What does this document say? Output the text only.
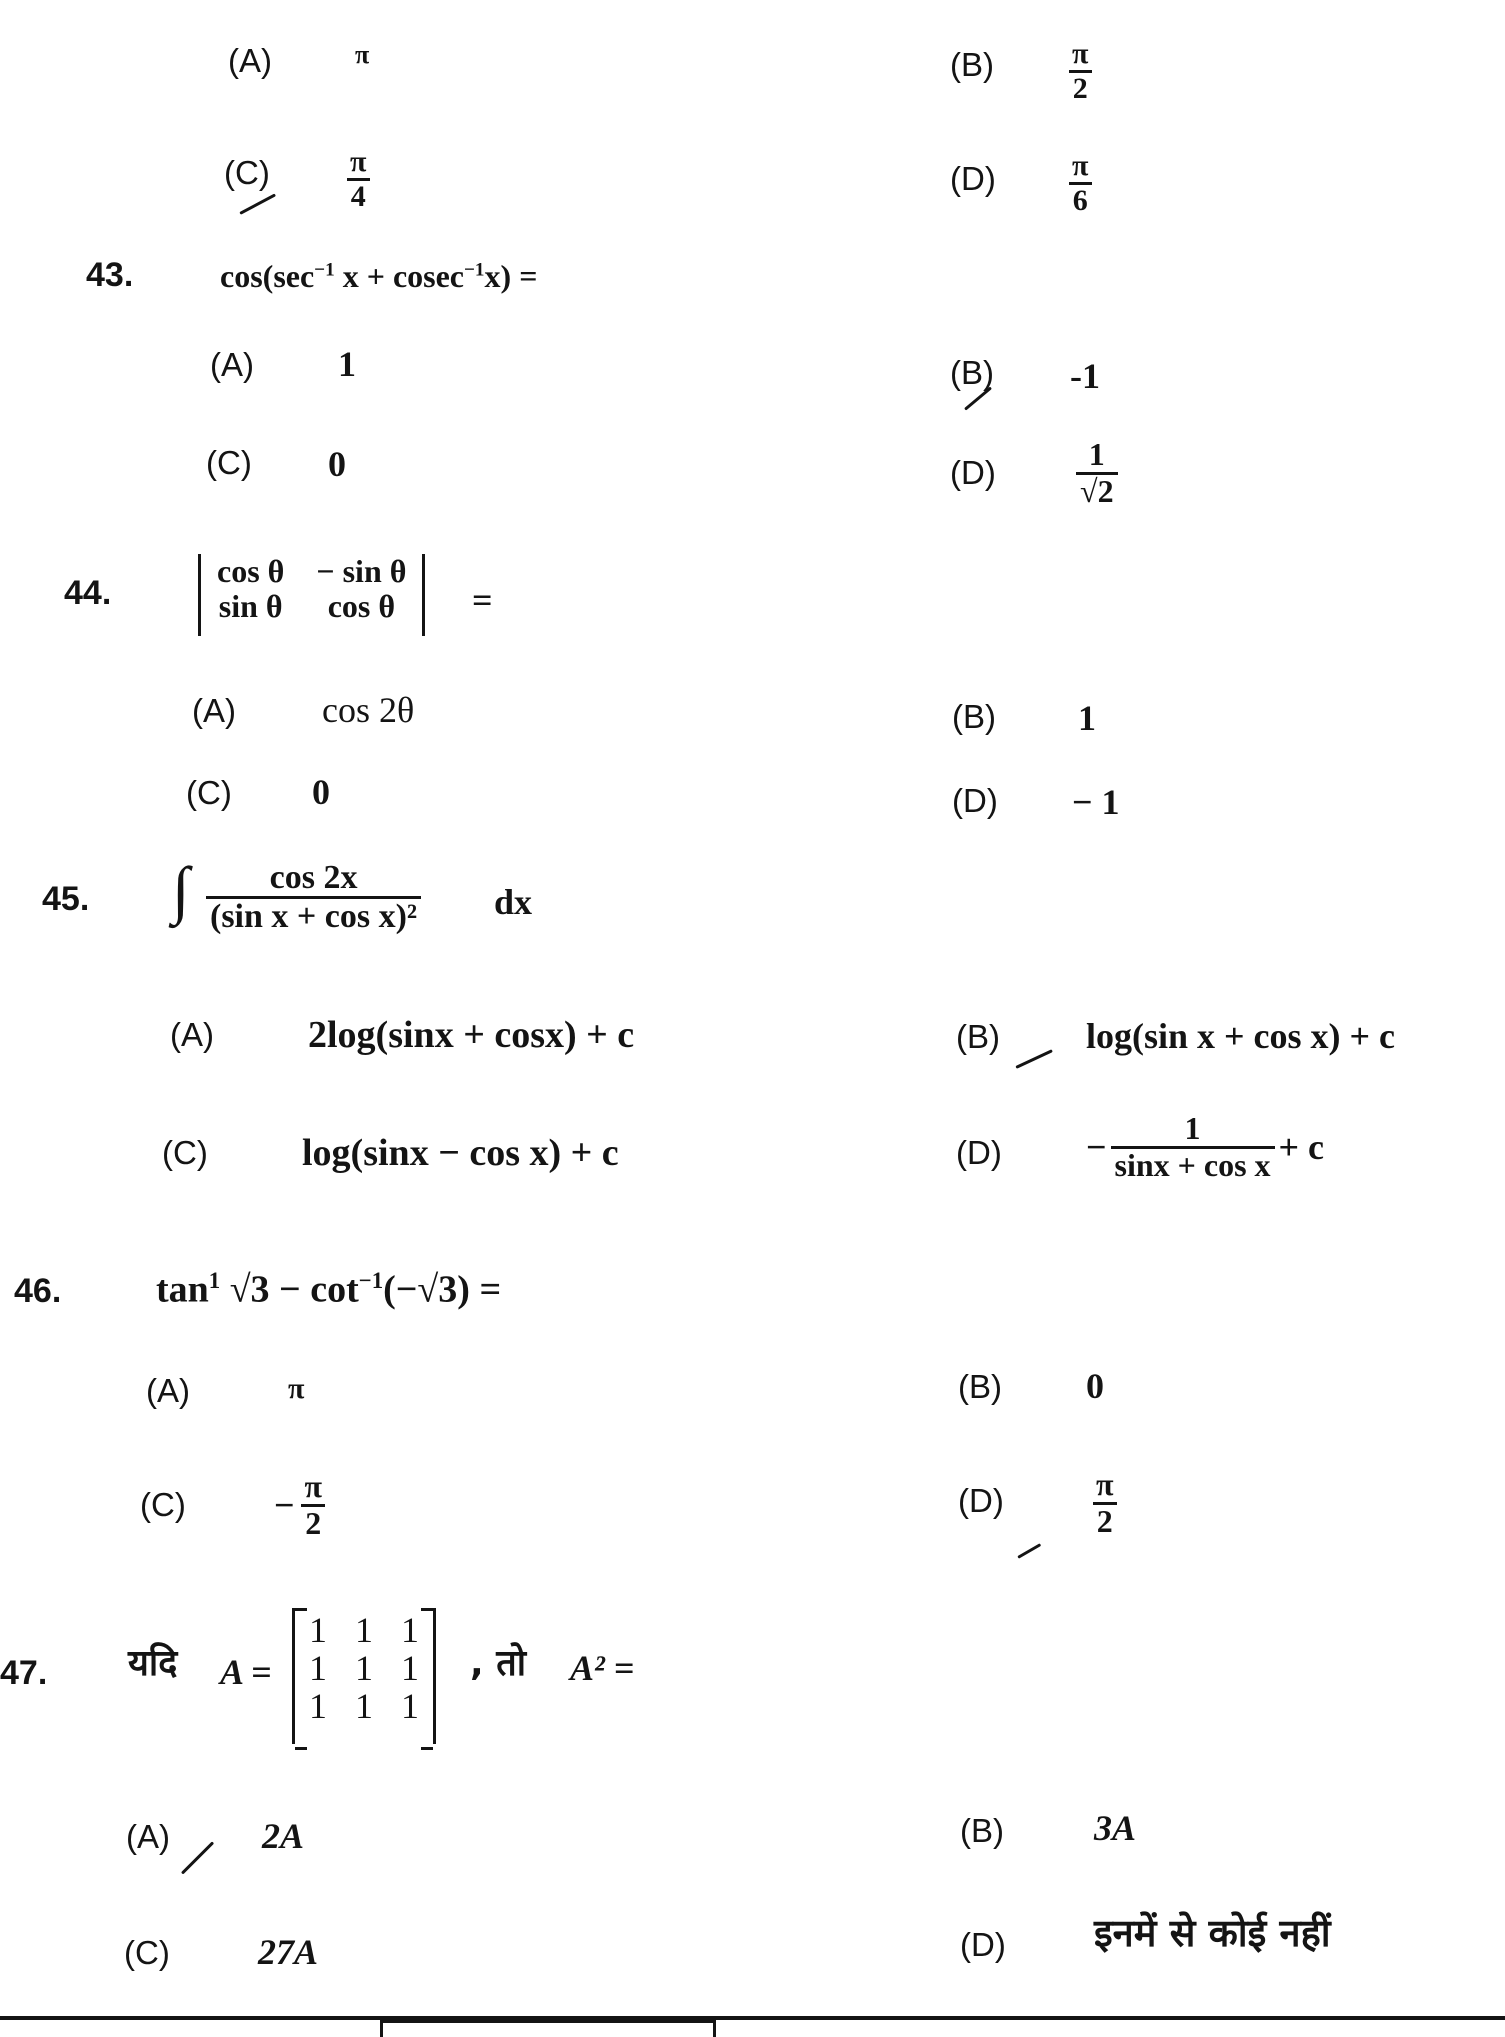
(A)	π	$(B) \frac{\pi}{2}$
(C)	$\frac{\pi}{4}$	$(D) \frac{\pi}{6}$
43.	$\cos(\sec^{-1}$ x + cosec$^{-1}$x) =
(A) 1	(B) -1
(C) 0	(D)	$\frac{1}{√2}$
44.
cos θ	− sin θ
sin θ	cos θ =
(A) cos 2θ	(B) 1
(C) 0	(D) − 1
45. ∫ $\frac{\cos 2x}{\text{(sin x + cos x)²}}$ dx
(A) 2log(sinx + cosx) + c	(B) log(sin x + cos x) + c
(C) log(sinx − cos x) + c	$(D) - \frac{1}{\text{sinx + cos x}} + c$
46. $\tan^1 √3 - \cot^{-1}(-√3)$ =
(A)	π	(B) 0
$(C) - \frac{\pi}{2}$	(D)	$\frac{\pi}{2}$
47. यदि A =
1	1	1
1	1	1
1	1	1
, तो A² =
(A)	2A	(B)	3A
(C) 27A	(D) इनमें से कोई नहीं
